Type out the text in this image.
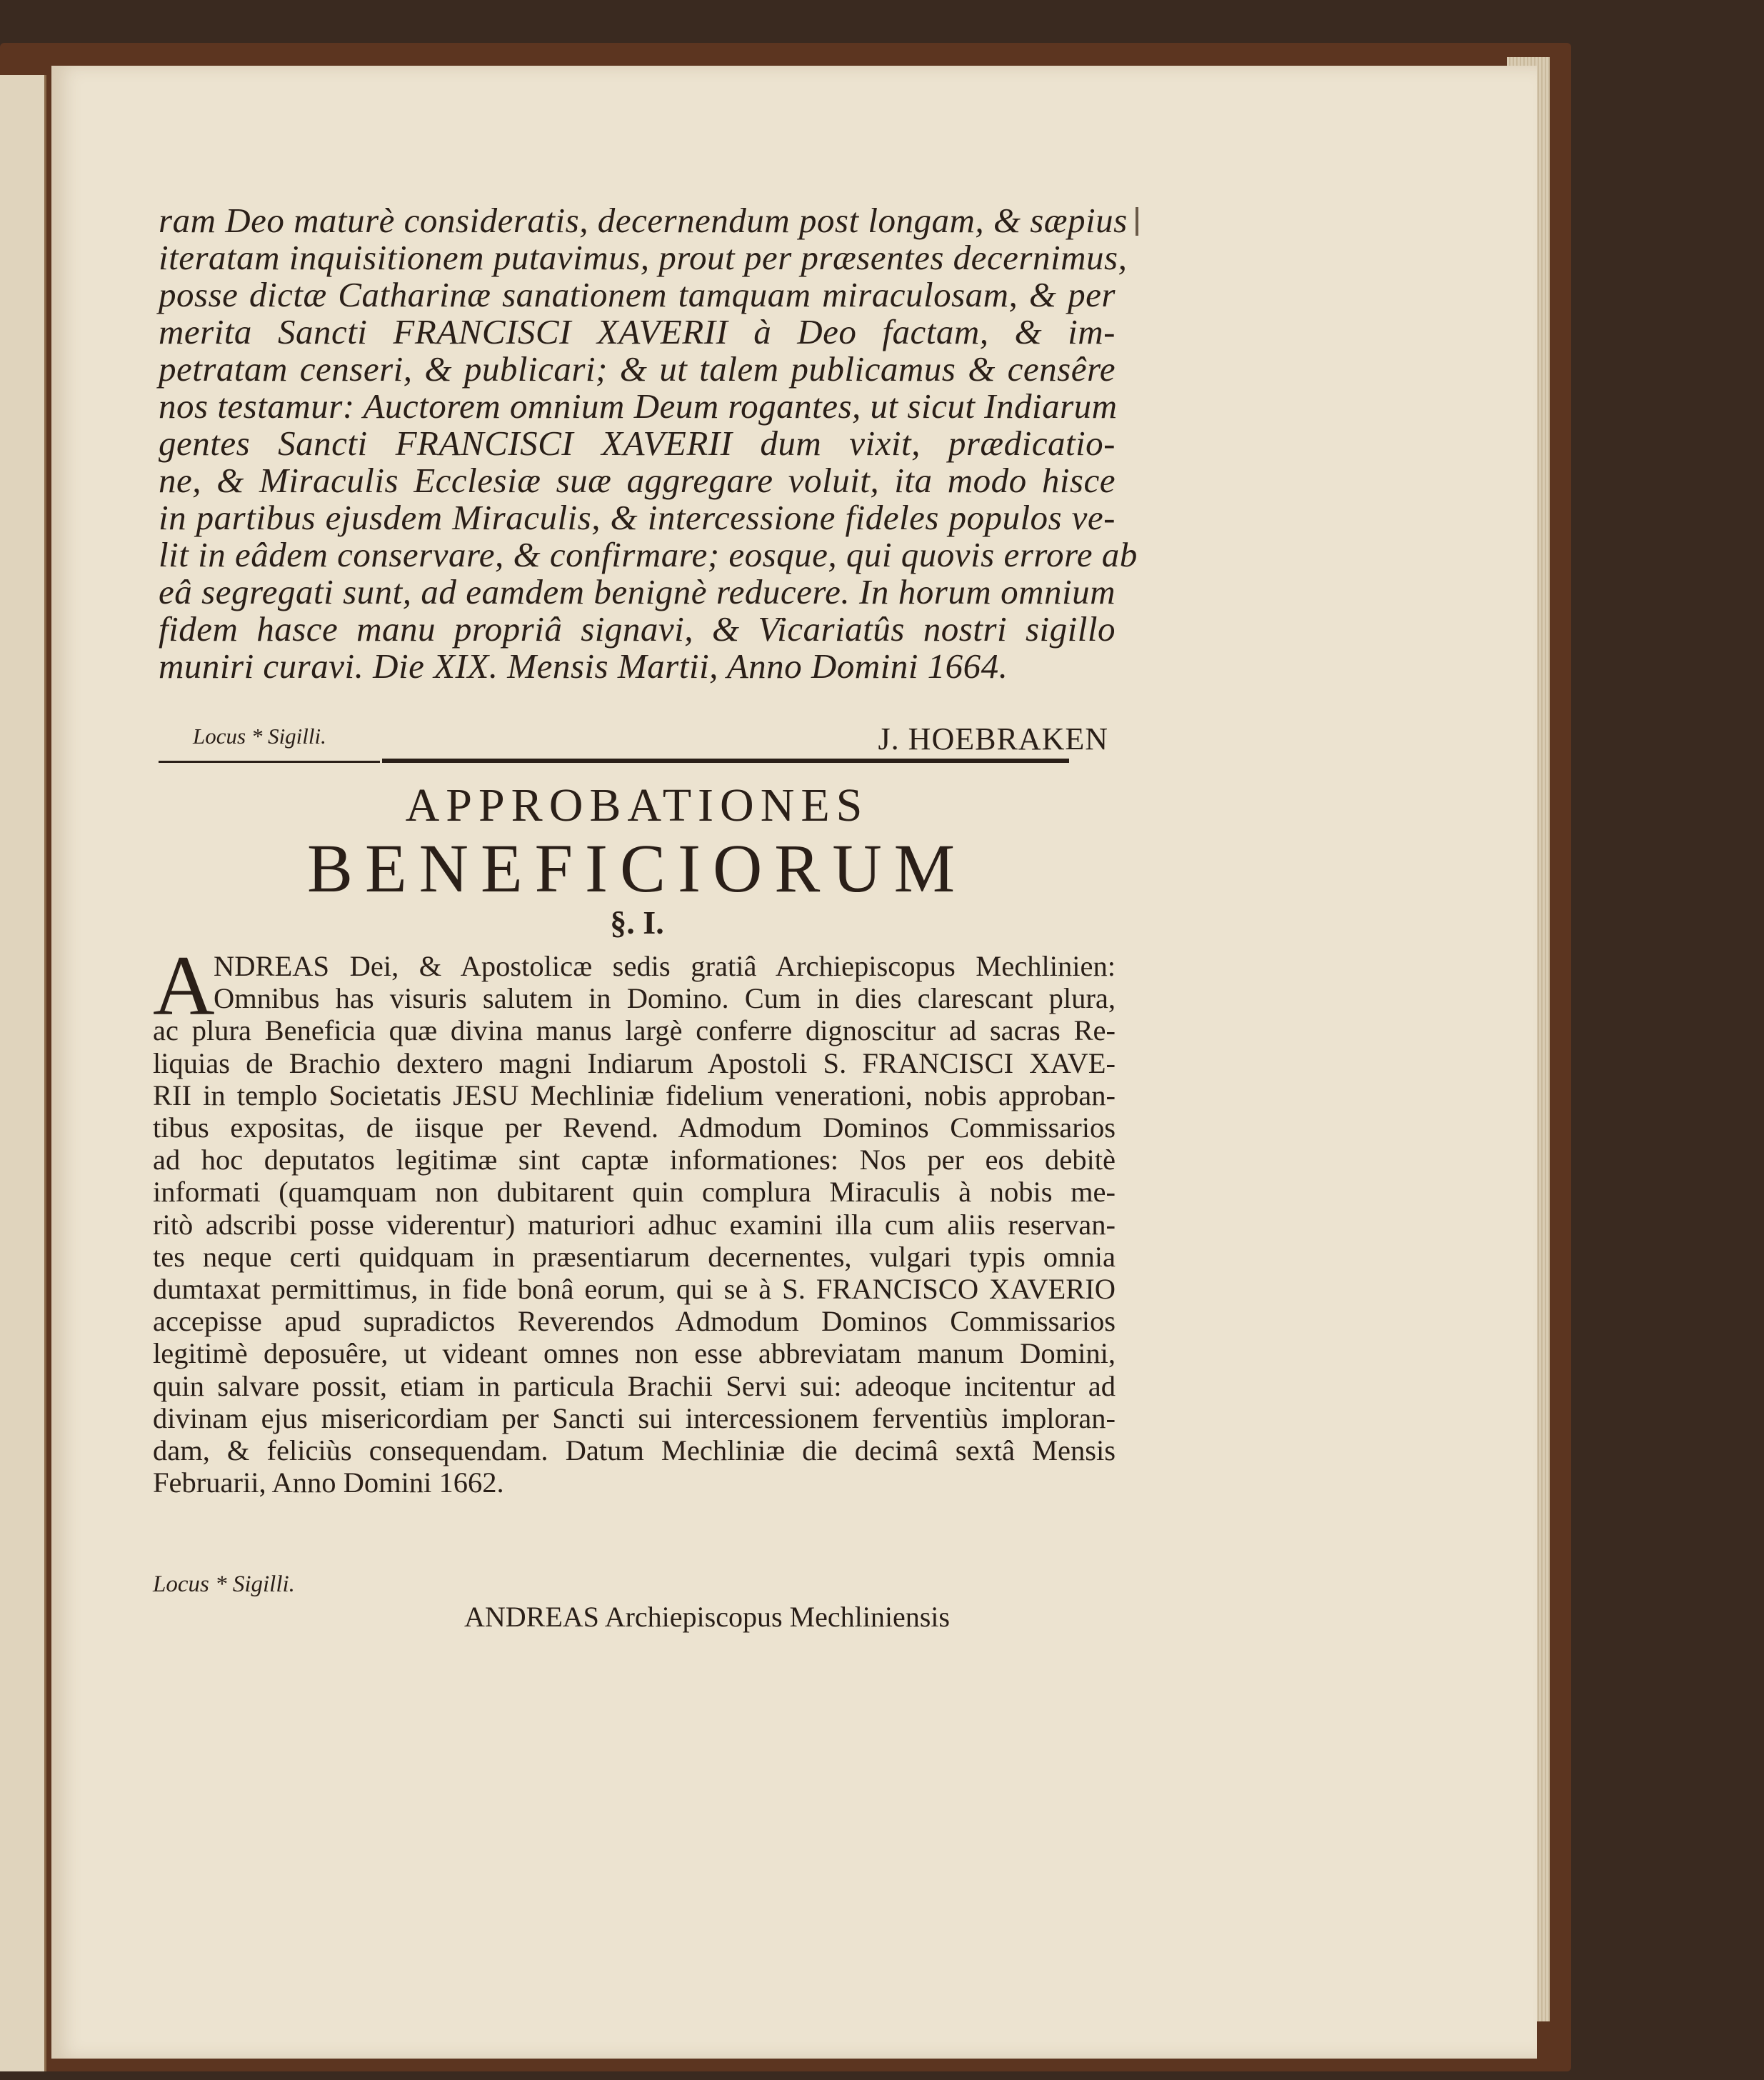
ram Deo maturè consideratis, decernendum post longam, & sæpius
iteratam inquisitionem putavimus, prout per præsentes decernimus,
posse dictæ Catharinæ sanationem tamquam miraculosam, & per
merita Sancti FRANCISCI XAVERII à Deo factam, & im-
petratam censeri, & publicari; & ut talem publicamus & censêre
nos testamur: Auctorem omnium Deum rogantes, ut sicut Indiarum
gentes Sancti FRANCISCI XAVERII dum vixit, prædicatio-
ne, & Miraculis Ecclesiæ suæ aggregare voluit, ita modo hisce
in partibus ejusdem Miraculis, & intercessione fideles populos ve-
lit in eâdem conservare, & confirmare; eosque, qui quovis errore ab
eâ segregati sunt, ad eamdem benignè reducere. In horum omnium
fidem hasce manu propriâ signavi, & Vicariatûs nostri sigillo
muniri curavi. Die XIX. Mensis Martii, Anno Domini 1664.
Locus * Sigilli.	J. HOEBRAKEN
APPROBATIONES
BENEFICIORUM
§. I.
A
NDREAS Dei, & Apostolicæ sedis gratiâ Archiepiscopus Mechlinien:
Omnibus has visuris salutem in Domino. Cum in dies clarescant plura,
ac plura Beneficia quæ divina manus largè conferre dignoscitur ad sacras Re-
liquias de Brachio dextero magni Indiarum Apostoli S. FRANCISCI XAVE-
RII in templo Societatis JESU Mechliniæ fidelium venerationi, nobis approban-
tibus expositas, de iisque per Revend. Admodum Dominos Commissarios
ad hoc deputatos legitimæ sint captæ informationes: Nos per eos debitè
informati (quamquam non dubitarent quin complura Miraculis à nobis me-
ritò adscribi posse viderentur) maturiori adhuc examini illa cum aliis reservan-
tes neque certi quidquam in præsentiarum decernentes, vulgari typis omnia
dumtaxat permittimus, in fide bonâ eorum, qui se à S. FRANCISCO XAVERIO
accepisse apud supradictos Reverendos Admodum Dominos Commissarios
legitimè deposuêre, ut videant omnes non esse abbreviatam manum Domini,
quin salvare possit, etiam in particula Brachii Servi sui: adeoque incitentur ad
divinam ejus misericordiam per Sancti sui intercessionem ferventiùs imploran-
dam, & feliciùs consequendam. Datum Mechliniæ die decimâ sextâ Mensis
Februarii, Anno Domini 1662.
Locus * Sigilli.
ANDREAS Archiepiscopus Mechliniensis
